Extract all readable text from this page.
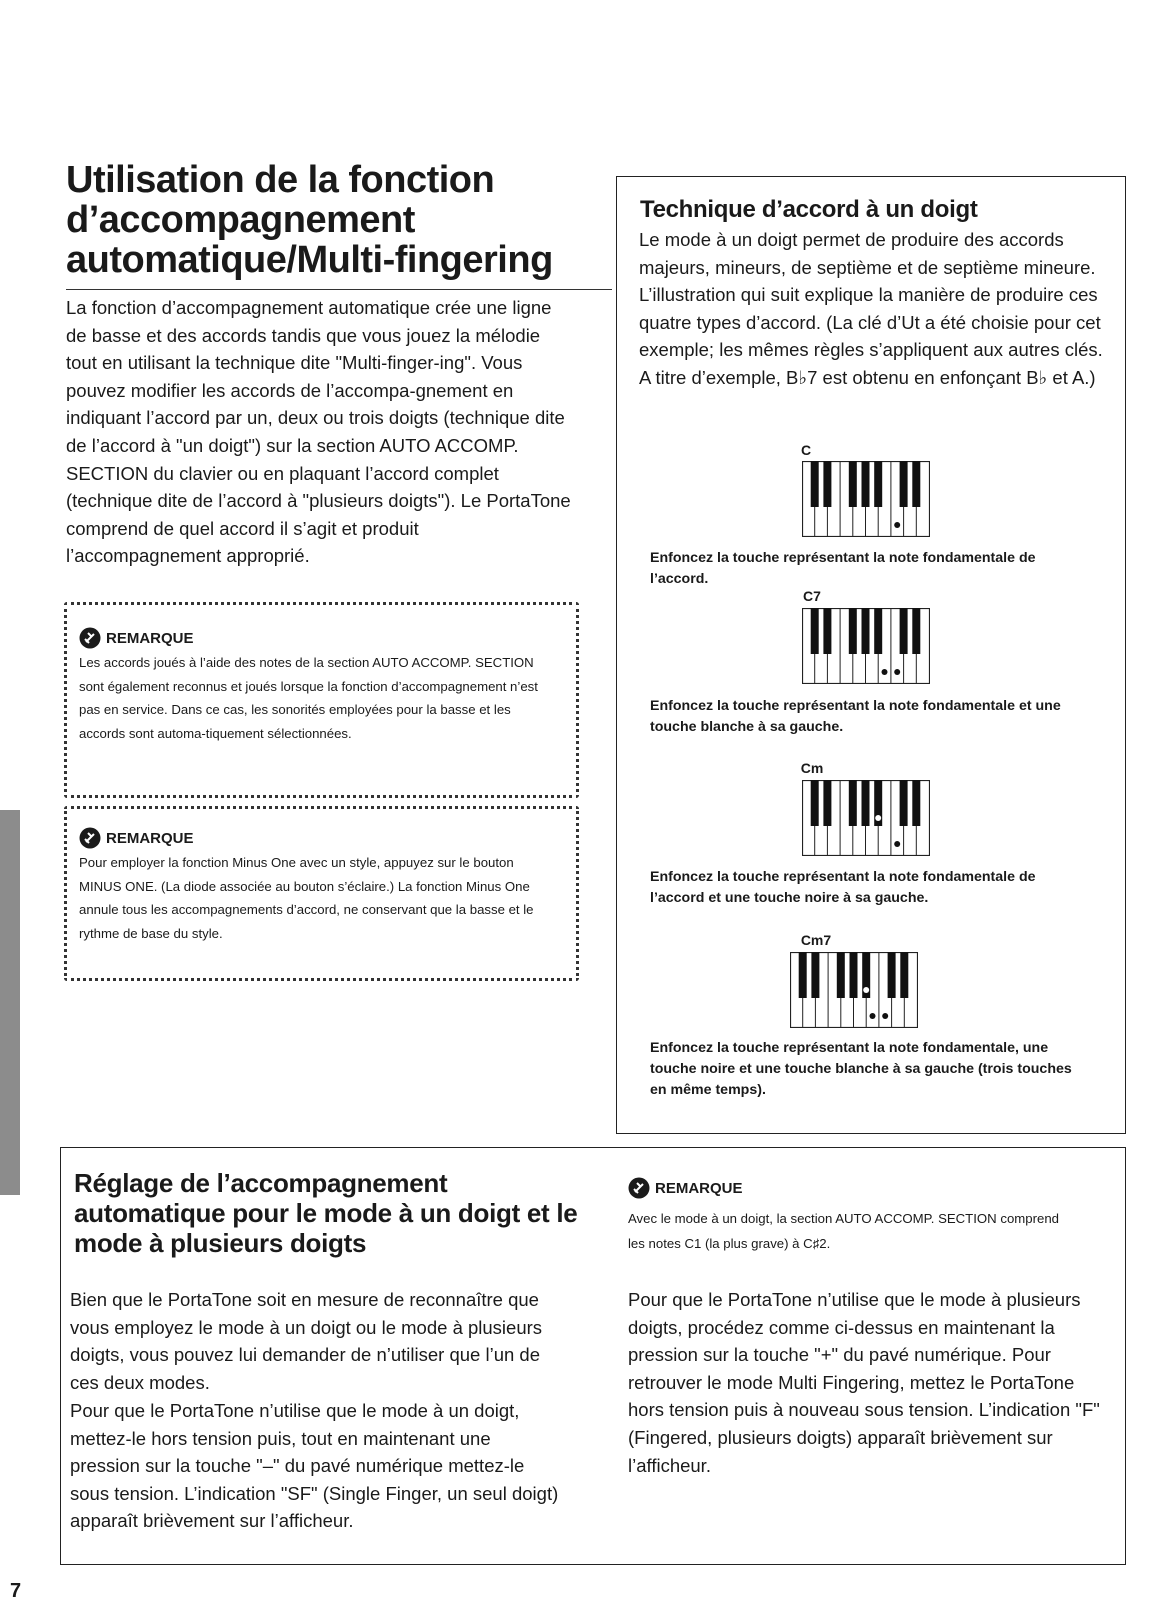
Utilisation de la fonction
d’accompagnement
automatique/Multi-fingering

La fonction d’accompagnement automatique crée une ligne de basse et des accords tandis que vous jouez la mélodie tout en utilisant la technique dite "Multi-finger-ing". Vous pouvez modifier les accords de l’accompa-gnement en indiquant l’accord par un, deux ou trois doigts (technique dite de l’accord à "un doigt") sur la section AUTO ACCOMP. SECTION du clavier ou en plaquant l’accord complet (technique dite de l’accord à "plusieurs doigts"). Le PortaTone comprend de quel accord il s’agit et produit l’accompagnement approprié.

REMARQUE

Les accords joués à l’aide des notes de la section AUTO ACCOMP. SECTION sont également reconnus et joués lorsque la fonction d’accompagnement n’est pas en service. Dans ce cas, les sonorités employées pour la basse et les accords sont automa-tiquement sélectionnées.

REMARQUE

Pour employer la fonction Minus One avec un style, appuyez sur le bouton MINUS ONE. (La diode associée au bouton s’éclaire.) La fonction Minus One annule tous les accompagnements d’accord, ne conservant que la basse et le rythme de base du style.

Technique d’accord à un doigt

Le mode à un doigt permet de produire des accords majeurs, mineurs, de septième et de septième mineure. L’illustration qui suit explique la manière de produire ces quatre types d’accord. (La clé d’Ut a été choisie pour cet exemple; les mêmes règles s’appliquent aux autres clés. A titre d’exemple, B♭7 est obtenu en enfonçant B♭ et A.)

C

Enfoncez la touche représentant la note fondamentale de l’accord.

C7

Enfoncez la touche représentant la note fondamentale et une touche blanche à sa gauche.

Cm

Enfoncez la touche représentant la note fondamentale de l’accord et une touche noire à sa gauche.

Cm7

Enfoncez la touche représentant la note fondamentale, une touche noire et une touche blanche à sa gauche (trois touches en même temps).

Réglage de l’accompagnement
automatique pour le mode à un doigt et le
mode à plusieurs doigts

Bien que le PortaTone soit en mesure de reconnaître que vous employez le mode à un doigt ou le mode à plusieurs doigts, vous pouvez lui demander de n’utiliser que l’un de ces deux modes.

Pour que le PortaTone n’utilise que le mode à un doigt, mettez-le hors tension puis, tout en maintenant une pression sur la touche "–" du pavé numérique mettez-le sous tension. L’indication "SF" (Single Finger, un seul doigt) apparaît brièvement sur l’afficheur.

REMARQUE

Avec le mode à un doigt, la section AUTO ACCOMP. SECTION comprend les notes C1 (la plus grave) à C♯2.

Pour que le PortaTone n’utilise que le mode à plusieurs doigts, procédez comme ci-dessus en maintenant la pression sur la touche "+" du pavé numérique. Pour retrouver le mode Multi Fingering, mettez le PortaTone hors tension puis à nouveau sous tension. L’indication "F" (Fingered, plusieurs doigts) apparaît brièvement sur l’afficheur.

7
